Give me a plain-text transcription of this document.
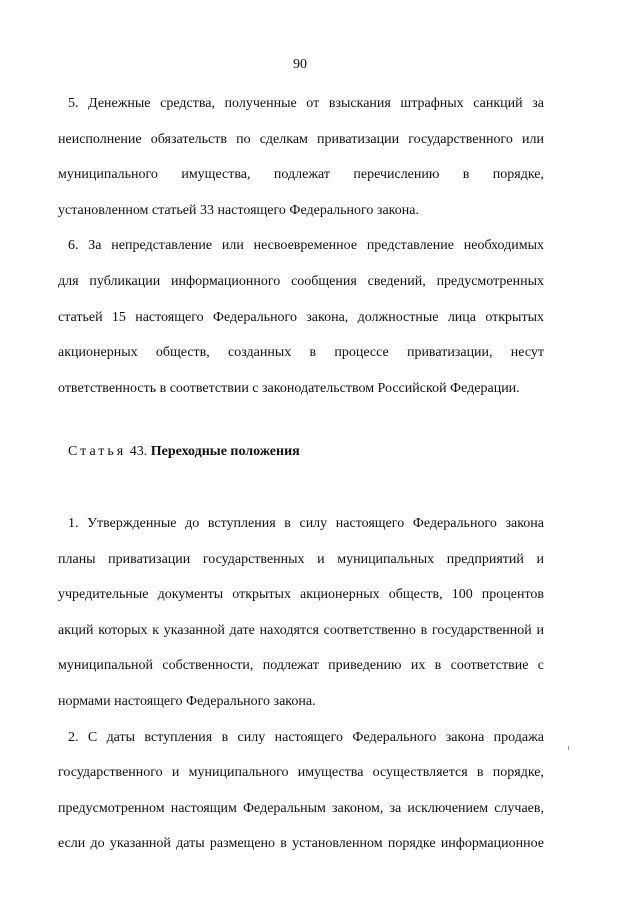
90
5. Денежные средства, полученные от взыскания штрафных санкций за
неисполнение обязательств по сделкам приватизации государственного или
муниципального имущества, подлежат перечислению в порядке,
установленном статьей 33 настоящего Федерального закона.
6. За непредставление или несвоевременное представление необходимых
для публикации информационного сообщения сведений, предусмотренных
статьей 15 настоящего Федерального закона, должностные лица открытых
акционерных обществ, созданных в процессе приватизации, несут
ответственность в соответствии с законодательством Российской Федерации.
Статья 43. Переходные положения
1. Утвержденные до вступления в силу настоящего Федерального закона
планы приватизации государственных и муниципальных предприятий и
учредительные документы открытых акционерных обществ, 100 процентов
акций которых к указанной дате находятся соответственно в государственной и
муниципальной собственности, подлежат приведению их в соответствие с
нормами настоящего Федерального закона.
2. С даты вступления в силу настоящего Федерального закона продажа
государственного и муниципального имущества осуществляется в порядке,
предусмотренном настоящим Федеральным законом, за исключением случаев,
если до указанной даты размещено в установленном порядке информационное
